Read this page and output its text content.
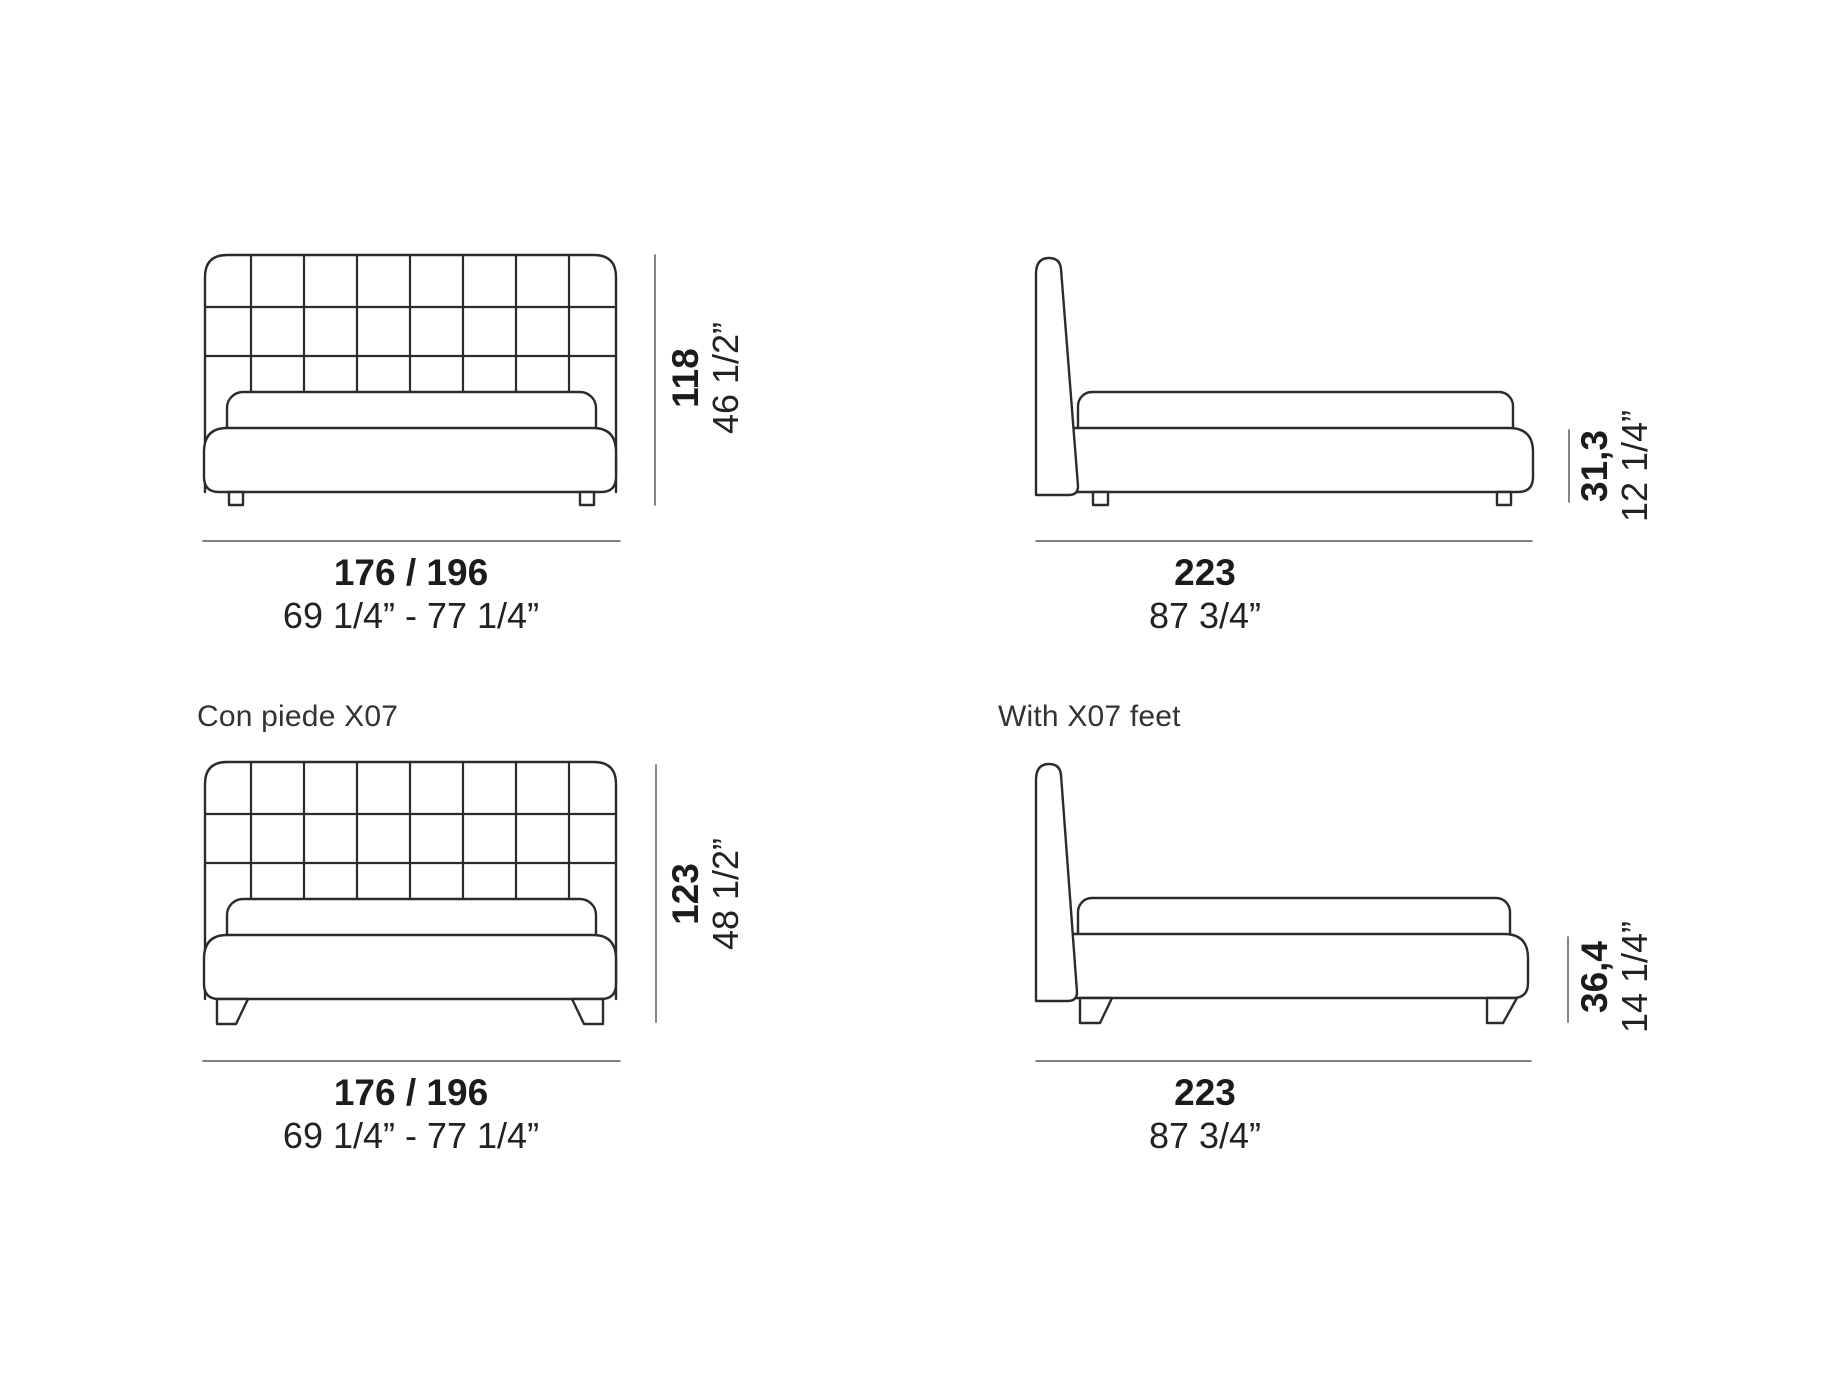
Con piede X07	With X07 feet
118 46 1/2”
176 / 196
69 1/4” - 77 1/4”
31,3 12 1/4”
223
87 3/4”
123 48 1/2”
176 / 196
69 1/4” - 77 1/4”
36,4 14 1/4”
223
87 3/4”
